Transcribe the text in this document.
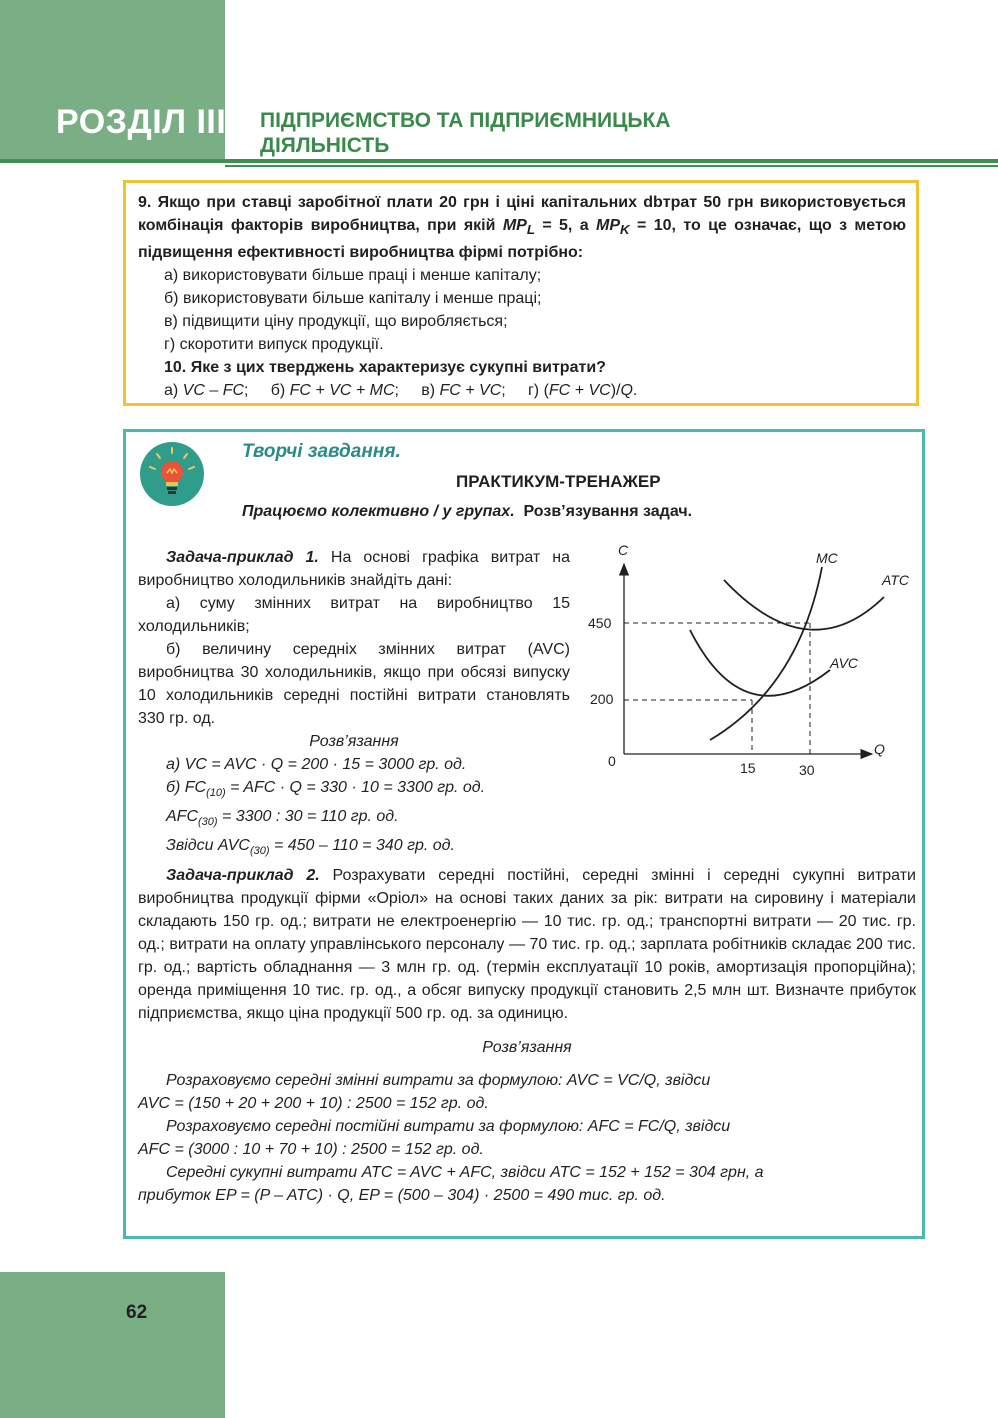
РОЗДІЛ III ПІДПРИЄМСТВО ТА ПІДПРИЄМНИЦЬКА
ДІЯЛЬНІСТЬ

9. Якщо при ставці заробітної плати 20 грн і ціні капітальних dbтрат 50 грн використовується комбінація факторів виробництва, при якій $MP_L = 5$, а $MP_K = 10$, то це означає, що з метою підвищення ефективності виробництва фірмі потрібно:

а) використовувати більше праці і менше капіталу;

б) використовувати більше капіталу і менше праці;

в) підвищити ціну продукції, що виробляється;

г) скоротити випуск продукції.

10. Яке з цих тверджень характеризує сукупні витрати?

а) VC – FC;     б) FC + VC + MC;     в) FC + VC;     г) (FC + VC)/Q.

Творчі завдання.
ПРАКТИКУМ-ТРЕНАЖЕР
Працюємо колективно / у групах. Розв’язування задач.

Задача-приклад 1. На основі графіка витрат на виробництво холодильників знайдіть дані:

а) суму змінних витрат на виробництво 15 холодильників;

б) величину середніх змінних витрат (AVC) виробництва 30 холодильників, якщо при обсязі випуску 10 холодильників середні постійні витрати становлять 330 гр. од.

Розв’язання

а) VC = AVC · Q = 200 · 15 = 3000 гр. од.

б) $FC_{(10)}$ = AFC · Q = 330 · 10 = 3300 гр. од.

$AFC_{(30)} = 3300$ : 30 = 110 гр. од.

Звідси $AVC_{(30)} = 450 - 110 = 340$ гр. од.

C
Q
0
450
200
15	30
MC
ATC
AVC

Задача-приклад 2. Розрахувати середні постійні, середні змінні і середні сукупні витрати виробництва продукції фірми «Оріол» на основі таких даних за рік: витрати на сировину і матеріали складають 150 гр. од.; витрати не електроенергію — 10 тис. гр. од.; транспортні витрати — 20 тис. гр. од.; витрати на оплату управлінського персоналу — 70 тис. гр. од.; зарплата робітників складає 200 тис. гр. од.; вартість обладнання — 3 млн гр. од. (термін експлуатації 10 років, амортизація пропорційна); оренда приміщення 10 тис. гр. од., а обсяг випуску продукції становить 2,5 млн шт. Визначте прибуток підприємства, якщо ціна продукції 500 гр. од. за одиницю.

Розв’язання

Розраховуємо середні змінні витрати за формулою: AVC = VC/Q, звідси

AVC = (150 + 20 + 200 + 10) : 2500 = 152 гр. од.

Розраховуємо середні постійні витрати за формулою: AFC = FC/Q, звідси

AFC = (3000 : 10 + 70 + 10) : 2500 = 152 гр. од.

Середні сукупні витрати ATC = AVC + AFC, звідси ATC = 152 + 152 = 304 грн, а

прибуток EP = (P – ATC) · Q, EP = (500 – 304) · 2500 = 490 тис. гр. од.

62
